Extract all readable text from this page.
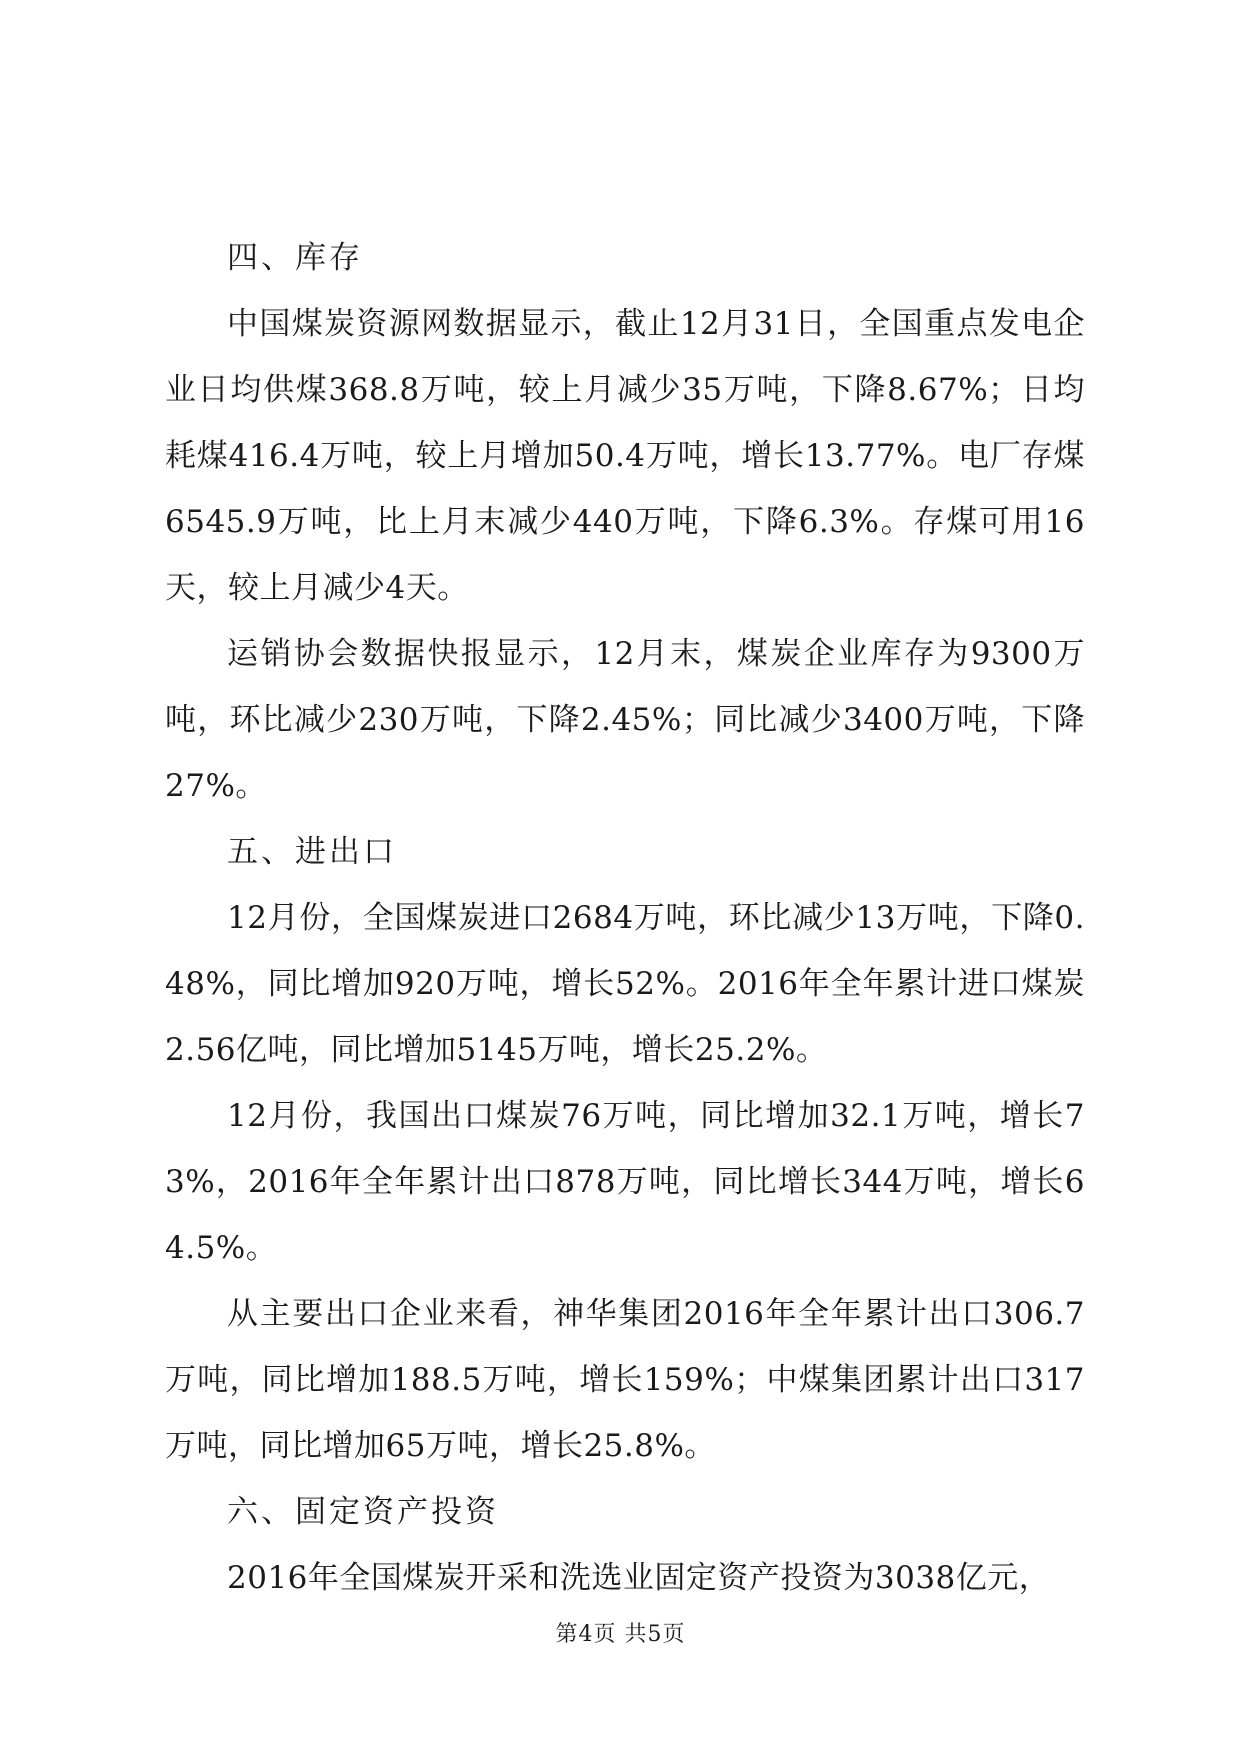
四、库存

中国煤炭资源网数据显示，截止12月31日，全国重点发电企业日均供煤368.8万吨，较上月减少35万吨，下降8.67%；日均耗煤416.4万吨，较上月增加50.4万吨，增长13.77%。电厂存煤6545.9万吨，比上月末减少440万吨，下降6.3%。存煤可用16天，较上月减少4天。

运销协会数据快报显示，12月末，煤炭企业库存为9300万吨，环比减少230万吨，下降2.45%；同比减少3400万吨，下降27%。

五、进出口

12月份，全国煤炭进口2684万吨，环比减少13万吨，下降0.48%，同比增加920万吨，增长52%。2016年全年累计进口煤炭2.56亿吨，同比增加5145万吨，增长25.2%。

12月份，我国出口煤炭76万吨，同比增加32.1万吨，增长73%，2016年全年累计出口878万吨，同比增长344万吨，增长64.5%。

从主要出口企业来看，神华集团2016年全年累计出口306.7万吨，同比增加188.5万吨，增长159%；中煤集团累计出口317万吨，同比增加65万吨，增长25.8%。

六、固定资产投资

2016年全国煤炭开采和洗选业固定资产投资为3038亿元，

第4页 共5页
